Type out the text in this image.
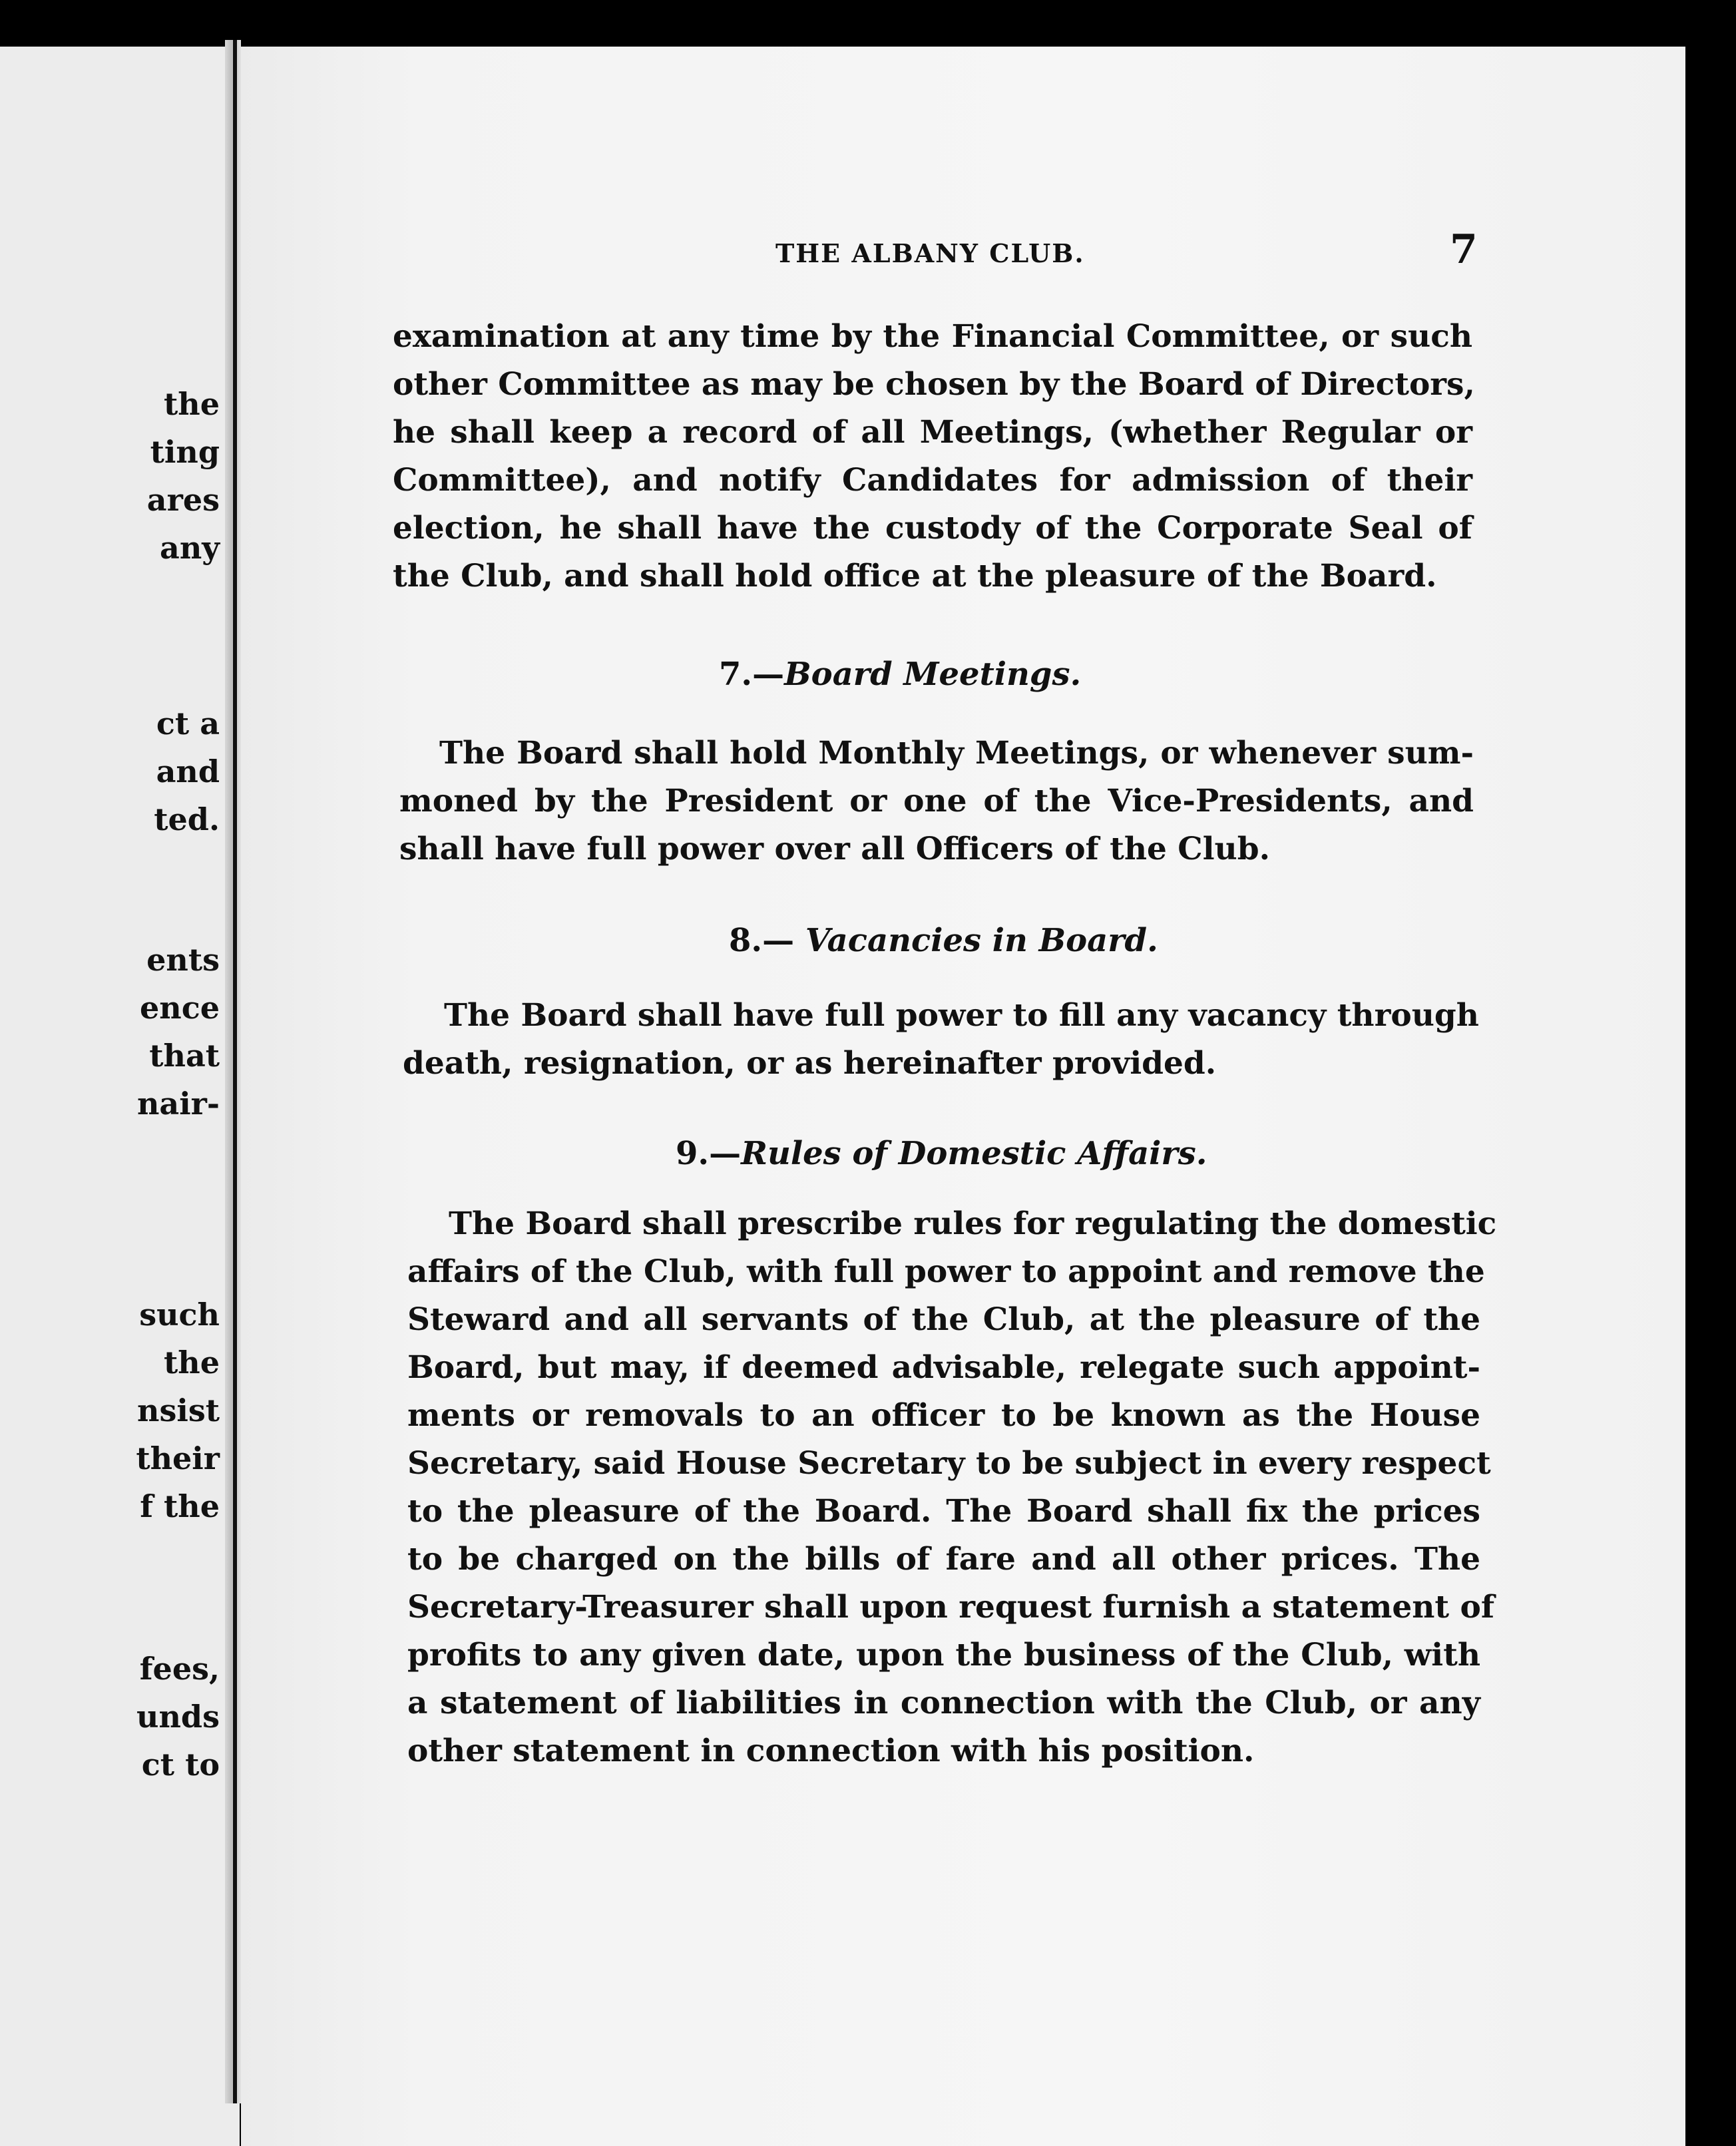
the
ting
ares
any
ct a
and
ted.
ents
ence
that
nair-
such
the
nsist
their
f the
fees,
unds
ct to
THE ALBANY CLUB.	7
examination at any time by the Financial Committee, or such
other Committee as may be chosen by the Board of Directors,
he shall keep a record of all Meetings, (whether Regular or
Committee), and notify Candidates for admission of their
election, he shall have the custody of the Corporate Seal of
the Club, and shall hold office at the pleasure of the Board.
7.—Board Meetings.
The Board shall hold Monthly Meetings, or whenever sum-
moned by the President or one of the Vice-Presidents, and
shall have full power over all Officers of the Club.
8.— Vacancies in Board.
The Board shall have full power to fill any vacancy through
death, resignation, or as hereinafter provided.
9.—Rules of Domestic Affairs.
The Board shall prescribe rules for regulating the domestic
affairs of the Club, with full power to appoint and remove the
Steward and all servants of the Club, at the pleasure of the
Board, but may, if deemed advisable, relegate such appoint-
ments or removals to an officer to be known as the House
Secretary, said House Secretary to be subject in every respect
to the pleasure of the Board. The Board shall fix the prices
to be charged on the bills of fare and all other prices. The
Secretary-Treasurer shall upon request furnish a statement of
profits to any given date, upon the business of the Club, with
a statement of liabilities in connection with the Club, or any
other statement in connection with his position.
